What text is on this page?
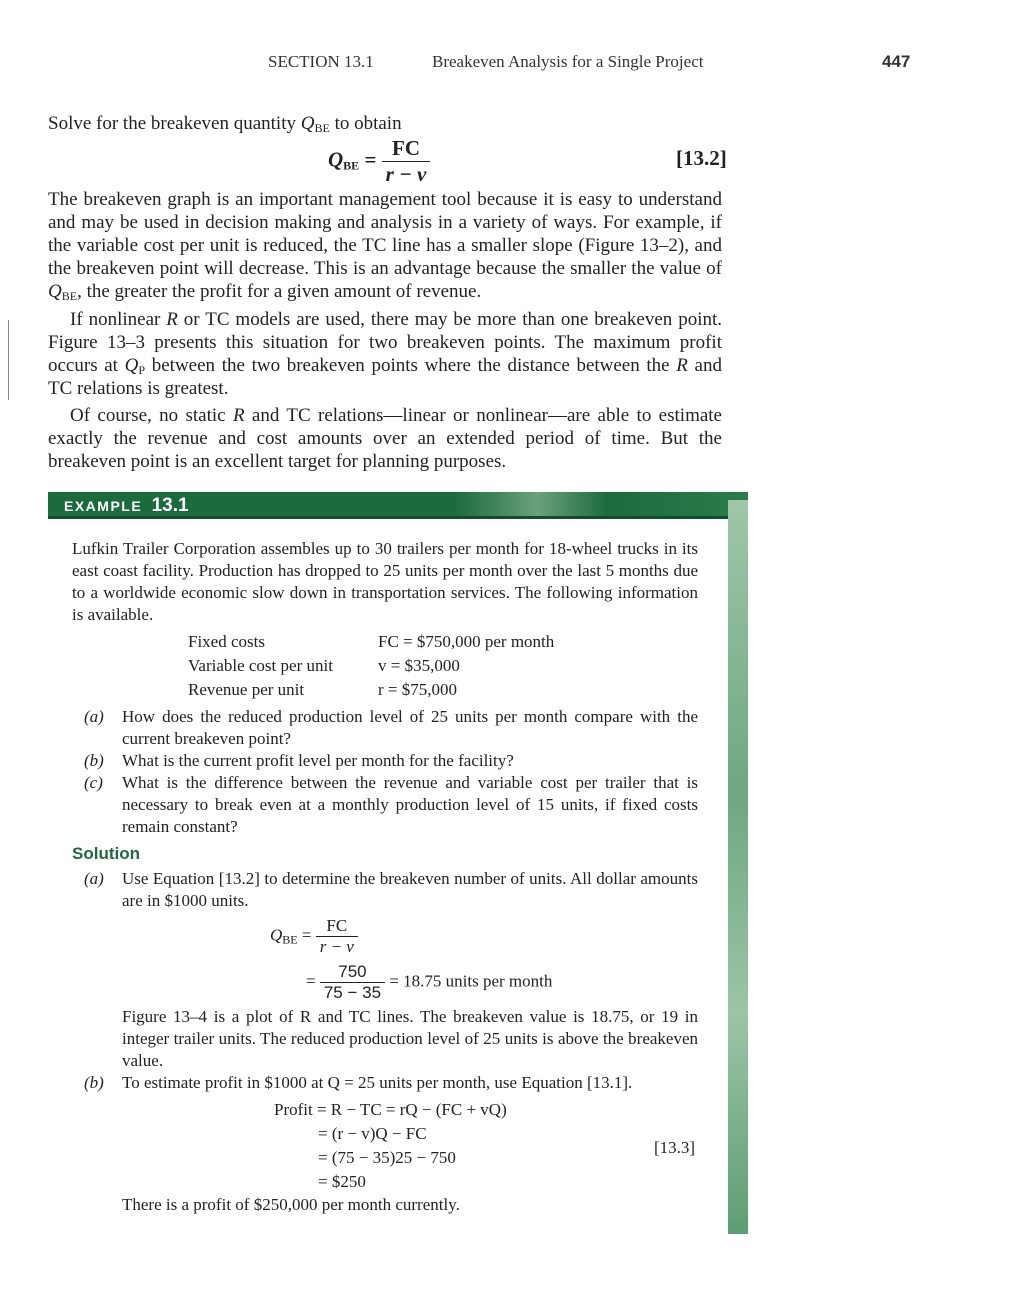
SECTION 13.1	Breakeven Analysis for a Single Project	447
Solve for the breakeven quantity $Q_{BE}$ to obtain
$Q_{BE} = \frac{FC}{r - v}$	[13.2]
The breakeven graph is an important management tool because it is easy to understand and may be used in decision making and analysis in a variety of ways. For example, if the variable cost per unit is reduced, the TC line has a smaller slope (Figure 13–2), and the breakeven point will decrease. This is an advantage because the smaller the value of $Q_{BE}$, the greater the profit for a given amount of revenue.
If nonlinear R or TC models are used, there may be more than one breakeven point. Figure 13–3 presents this situation for two breakeven points. The maximum profit occurs at $Q_P$ between the two breakeven points where the distance between the R and TC relations is greatest.
Of course, no static R and TC relations—linear or nonlinear—are able to estimate exactly the revenue and cost amounts over an extended period of time. But the breakeven point is an excellent target for planning purposes.
EXAMPLE 13.1
Lufkin Trailer Corporation assembles up to 30 trailers per month for 18-wheel trucks in its east coast facility. Production has dropped to 25 units per month over the last 5 months due to a worldwide economic slow down in transportation services. The following information is available.
Fixed costs	FC = $750,000 per month
Variable cost per unit	v = $35,000
Revenue per unit	r = $75,000
(a) How does the reduced production level of 25 units per month compare with the current breakeven point?
(b) What is the current profit level per month for the facility?
(c) What is the difference between the revenue and variable cost per trailer that is necessary to break even at a monthly production level of 15 units, if fixed costs remain constant?
Solution
(a) Use Equation [13.2] to determine the breakeven number of units. All dollar amounts are in $1000 units.
$Q_{BE} = \frac{FC}{r - v}$
= $\frac{750}{75 - 35} = 18.75$ units per month
Figure 13–4 is a plot of R and TC lines. The breakeven value is 18.75, or 19 in integer trailer units. The reduced production level of 25 units is above the breakeven value.
(b) To estimate profit in $1000 at Q = 25 units per month, use Equation [13.1].
Profit = R − TC = rQ − (FC + vQ)
= (r − v)Q − FC
= (75 − 35)25 − 750
= $250
[13.3]
There is a profit of $250,000 per month currently.
